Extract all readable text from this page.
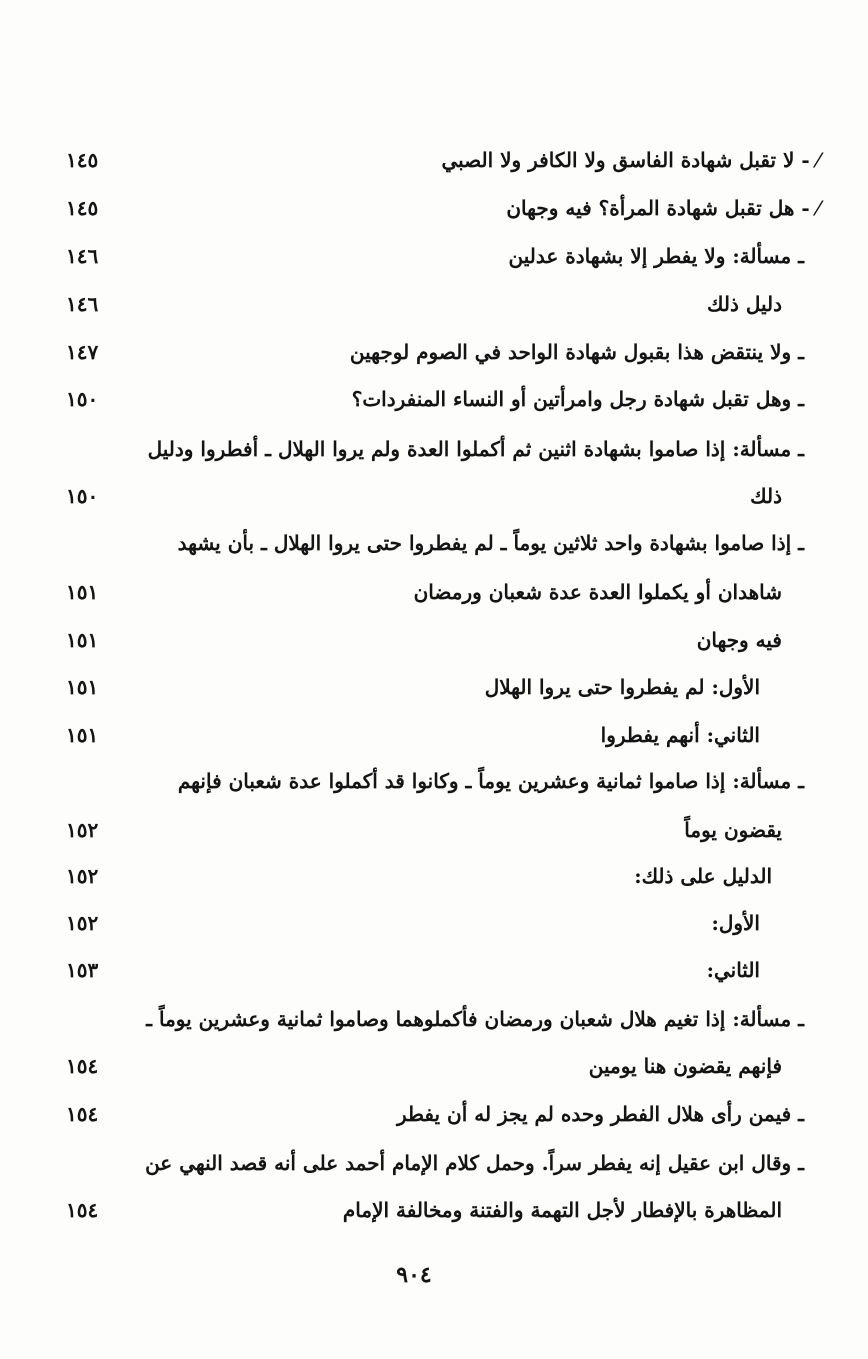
⁄ - لا تقبل شهادة الفاسق ولا الكافر ولا الصبي
١٤٥
⁄ - هل تقبل شهادة المرأة؟ فيه وجهان
١٤٥
ـ مسألة: ولا يفطر إلا بشهادة عدلين
١٤٦
دليل ذلك
١٤٦
ـ ولا ينتقض هذا بقبول شهادة الواحد في الصوم لوجهين
١٤٧
ـ وهل تقبل شهادة رجل وامرأتين أو النساء المنفردات؟
١٥٠
ـ مسألة: إذا صاموا بشهادة اثنين ثم أكملوا العدة ولم يروا الهلال ـ أفطروا ودليل
ذلك
١٥٠
ـ إذا صاموا بشهادة واحد ثلاثين يوماً ـ لم يفطروا حتى يروا الهلال ـ بأن يشهد
شاهدان أو يكملوا العدة عدة شعبان ورمضان
١٥١
فيه وجهان
١٥١
الأول: لم يفطروا حتى يروا الهلال
١٥١
الثاني: أنهم يفطروا
١٥١
ـ مسألة: إذا صاموا ثمانية وعشرين يوماً ـ وكانوا قد أكملوا عدة شعبان فإنهم
يقضون يوماً
١٥٢
الدليل على ذلك:
١٥٢
الأول:
١٥٢
الثاني:
١٥٣
ـ مسألة: إذا تغيم هلال شعبان ورمضان فأكملوهما وصاموا ثمانية وعشرين يوماً ـ
فإنهم يقضون هنا يومين
١٥٤
ـ فيمن رأى هلال الفطر وحده لم يجز له أن يفطر
١٥٤
ـ وقال ابن عقيل إنه يفطر سراً. وحمل كلام الإمام أحمد على أنه قصد النهي عن
المظاهرة بالإفطار لأجل التهمة والفتنة ومخالفة الإمام
١٥٤
٩٠٤
